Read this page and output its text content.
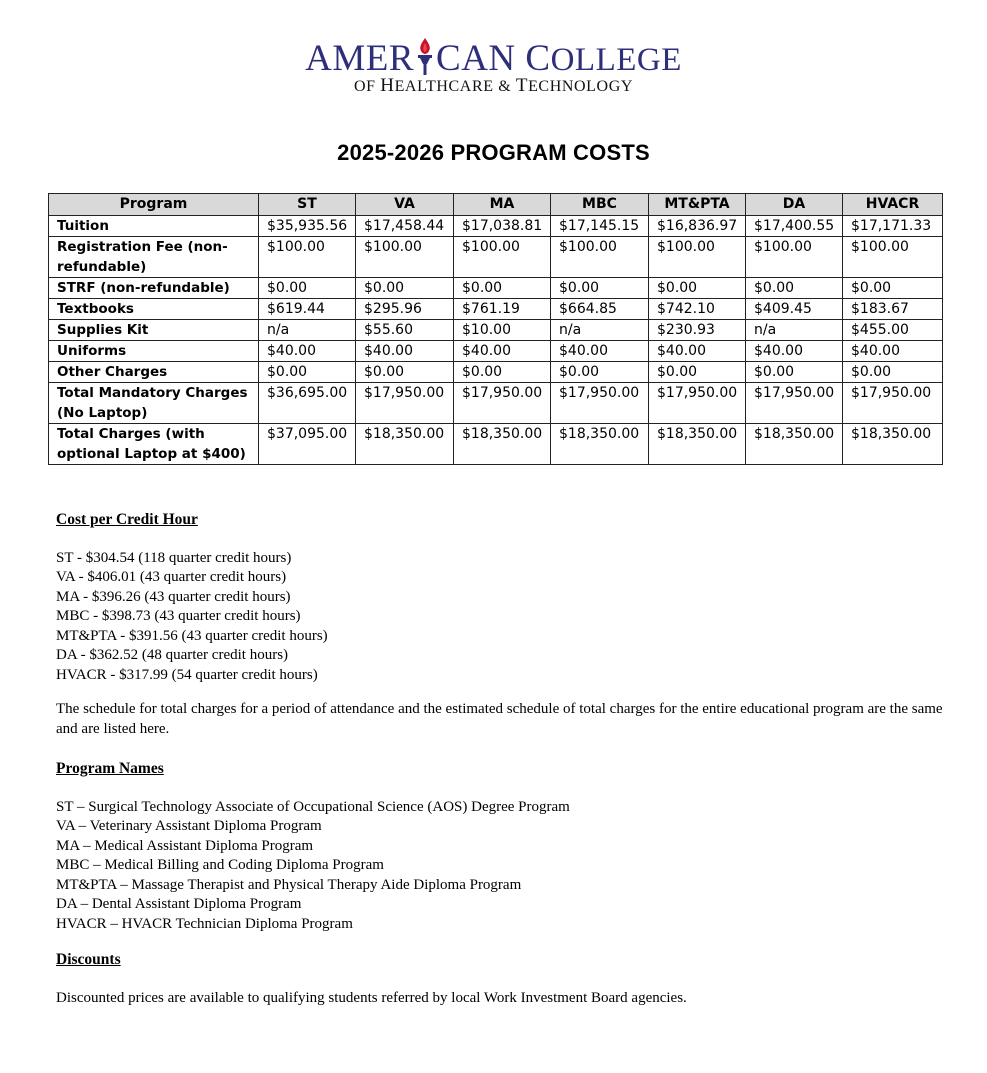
AMER CAN COLLEGE
OF HEALTHCARE & TECHNOLOGY
2025-2026 PROGRAM COSTS
Program	ST	VA	MA	MBC	MT&PTA	DA	HVACR
Tuition	$35,935.56	$17,458.44	$17,038.81	$17,145.15	$16,836.97	$17,400.55	$17,171.33
Registration Fee (non-refundable)	$100.00	$100.00	$100.00	$100.00	$100.00	$100.00	$100.00
STRF (non-refundable)	$0.00	$0.00	$0.00	$0.00	$0.00	$0.00	$0.00
Textbooks	$619.44	$295.96	$761.19	$664.85	$742.10	$409.45	$183.67
Supplies Kit	n/a	$55.60	$10.00	n/a	$230.93	n/a	$455.00
Uniforms	$40.00	$40.00	$40.00	$40.00	$40.00	$40.00	$40.00
Other Charges	$0.00	$0.00	$0.00	$0.00	$0.00	$0.00	$0.00
Total Mandatory Charges (No Laptop)	$36,695.00	$17,950.00	$17,950.00	$17,950.00	$17,950.00	$17,950.00	$17,950.00
Total Charges (with optional Laptop at $400)	$37,095.00	$18,350.00	$18,350.00	$18,350.00	$18,350.00	$18,350.00	$18,350.00
Cost per Credit Hour
ST - $304.54 (118 quarter credit hours)
VA - $406.01 (43 quarter credit hours)
MA - $396.26 (43 quarter credit hours)
MBC - $398.73 (43 quarter credit hours)
MT&PTA - $391.56 (43 quarter credit hours)
DA - $362.52 (48 quarter credit hours)
HVACR - $317.99 (54 quarter credit hours)
The schedule for total charges for a period of attendance and the estimated schedule of total charges for the entire educational program are the same and are listed here.
Program Names
ST – Surgical Technology Associate of Occupational Science (AOS) Degree Program
VA – Veterinary Assistant Diploma Program
MA – Medical Assistant Diploma Program
MBC – Medical Billing and Coding Diploma Program
MT&PTA – Massage Therapist and Physical Therapy Aide Diploma Program
DA – Dental Assistant Diploma Program
HVACR – HVACR Technician Diploma Program
Discounts
Discounted prices are available to qualifying students referred by local Work Investment Board agencies.
